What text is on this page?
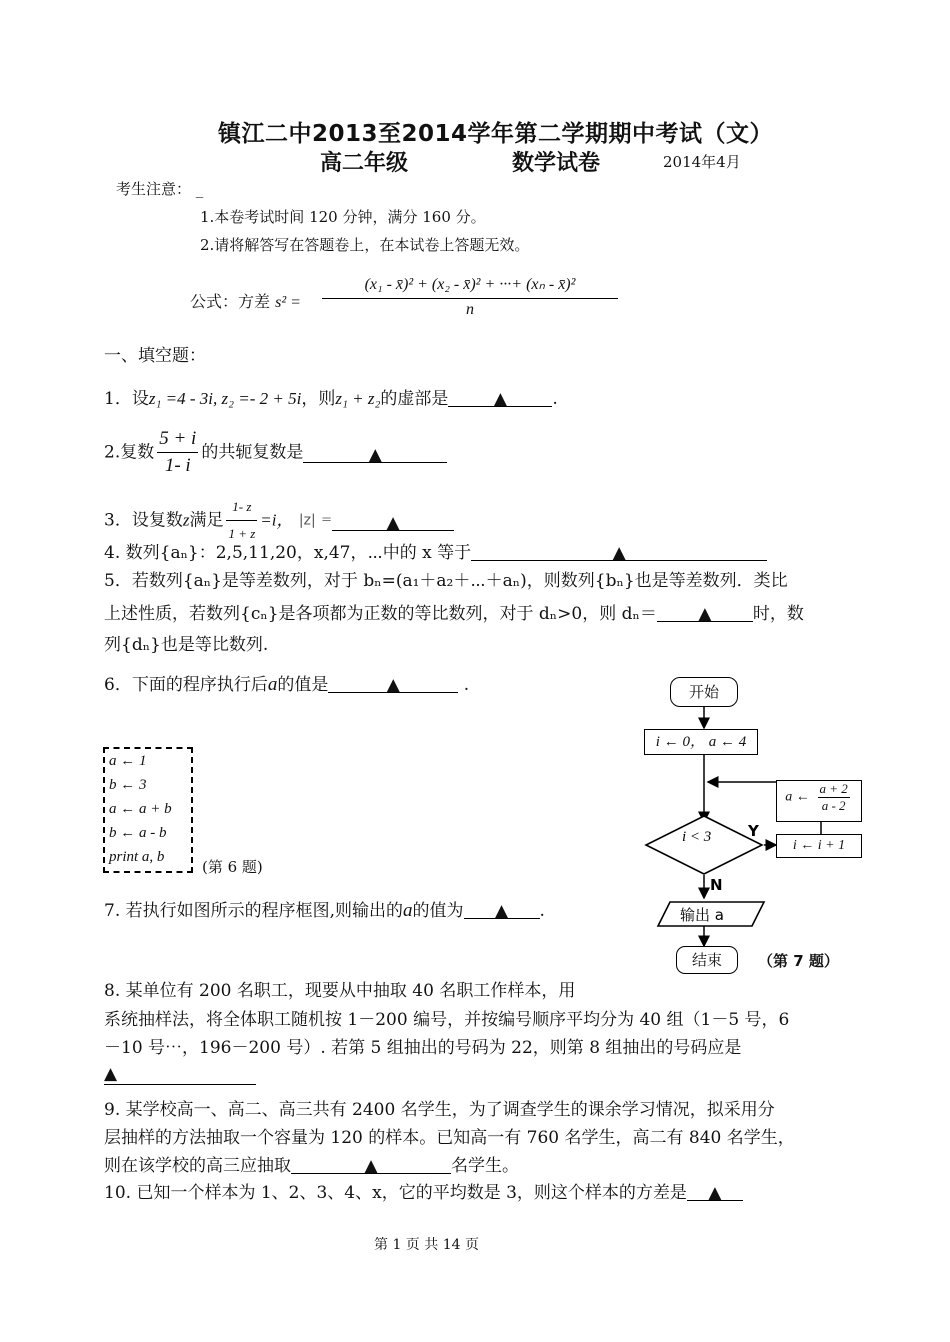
镇江二中2013至2014学年第二学期期中考试（文）
高二年级	数学试卷	2014年4月
考生注意： _
1.本卷考试时间 120 分钟，满分 160 分。
2.请将解答写在答题卷上，在本试卷上答题无效。
公式：方差 $s^2 = \frac{\text{(x₁ - x̄)² + (x₂ - x̄)² + ···+ (xₙ - x̄)²}}{n}$
一、填空题：
1．设z₁ =4 - 3i, z₂ =- 2 + 5i，则z₁ + z₂的虚部是	▲	.
2.复数 $\frac{5 + i}{1- i}$ 的共轭复数是	▲
3．设复数z满足 $\frac{1- z}{1 + z} =i$， |z| =	▲
4. 数列{aₙ}：2,5,11,20，x,47，⋯中的 x 等于	▲
5．若数列{aₙ}是等差数列，对于 bₙ=(a₁＋a₂＋⋯＋aₙ)，则数列{bₙ}也是等差数列．类比
上述性质，若数列{cₙ}是各项都为正数的等比数列，对于 dₙ>0，则 dₙ＝ ▲ 时，数
列{dₙ}也是等比数列.
6．下面的程序执行后a的值是	▲	.
a ← 1
b ← 3
a ← a + b
b ← a - b
print a, b
(第 6 题)
7. 若执行如图所示的程序框图,则输出的a的值为 ▲ .
i < 3 Y
N
输出 a
开始
i ← 0， a ← 4
a ← $\frac{a + 2}{a - 2}$
i ← i + 1
结束	（第 7 题）
8. 某单位有 200 名职工，现要从中抽取 40 名职工作样本，用
系统抽样法，将全体职工随机按 1－200 编号，并按编号顺序平均分为 40 组（1－5 号，6
－10 号⋯，196－200 号）. 若第 5 组抽出的号码为 22，则第 8 组抽出的号码应是
▲
9. 某学校高一、高二、高三共有 2400 名学生，为了调查学生的课余学习情况，拟采用分
层抽样的方法抽取一个容量为 120 的样本。已知高一有 760 名学生，高二有 840 名学生，
则在该学校的高三应抽取	▲	名学生。
10. 已知一个样本为 1、2、3、4、x，它的平均数是 3，则这个样本的方差是 ▲
第 1 页 共 14 页
